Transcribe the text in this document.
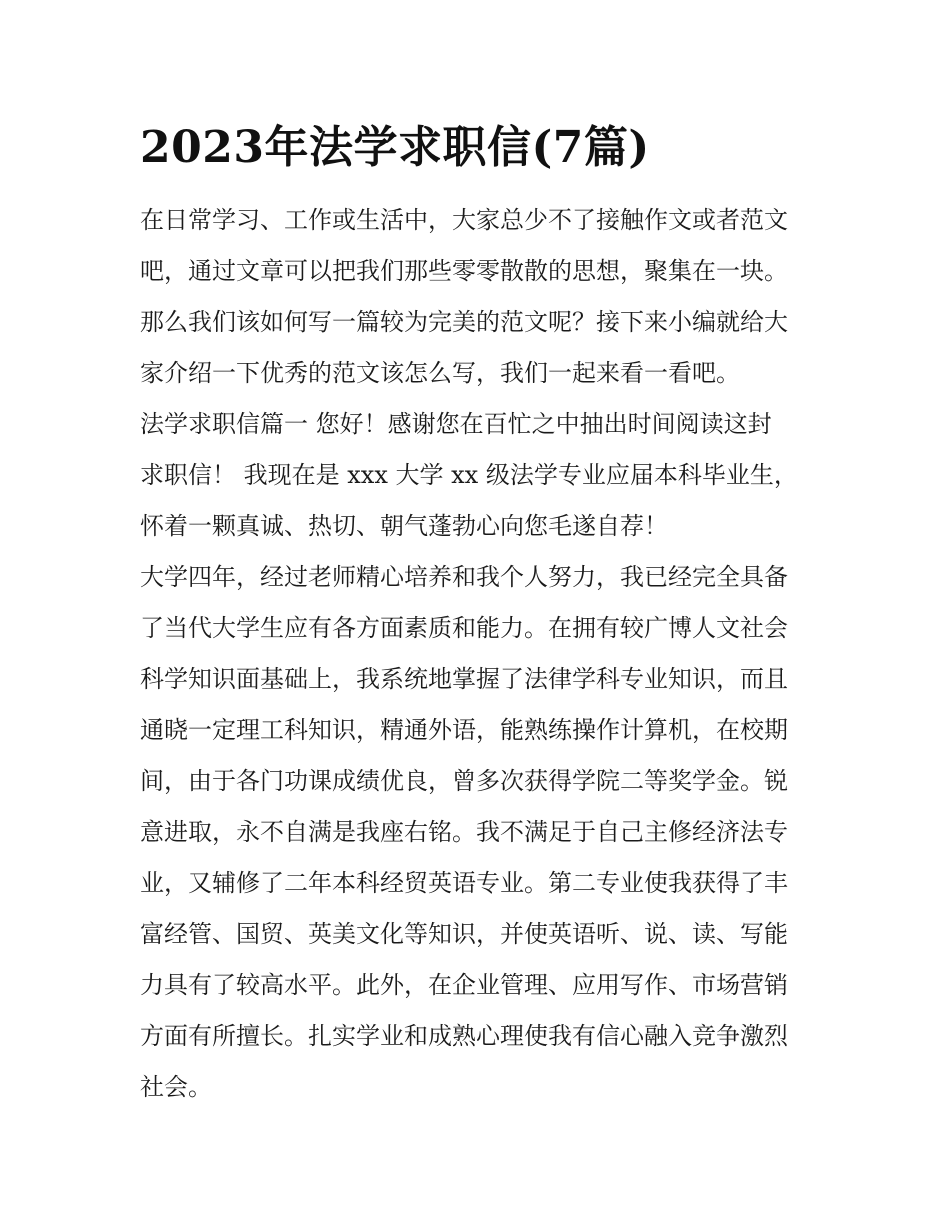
2023年法学求职信(7篇)

在日常学习、工作或生活中，大家总少不了接触作文或者范文

吧，通过文章可以把我们那些零零散散的思想，聚集在一块。

那么我们该如何写一篇较为完美的范文呢？接下来小编就给大

家介绍一下优秀的范文该怎么写，我们一起来看一看吧。

法学求职信篇一 您好！感谢您在百忙之中抽出时间阅读这封

求职信！ 我现在是 xxx 大学 xx 级法学专业应届本科毕业生，

怀着一颗真诚、热切、朝气蓬勃心向您毛遂自荐！

大学四年，经过老师精心培养和我个人努力，我已经完全具备

了当代大学生应有各方面素质和能力。在拥有较广博人文社会

科学知识面基础上，我系统地掌握了法律学科专业知识，而且

通晓一定理工科知识，精通外语，能熟练操作计算机，在校期

间，由于各门功课成绩优良，曾多次获得学院二等奖学金。锐

意进取，永不自满是我座右铭。我不满足于自己主修经济法专

业，又辅修了二年本科经贸英语专业。第二专业使我获得了丰

富经管、国贸、英美文化等知识，并使英语听、说、读、写能

力具有了较高水平。此外，在企业管理、应用写作、市场营销

方面有所擅长。扎实学业和成熟心理使我有信心融入竞争激烈

社会。
